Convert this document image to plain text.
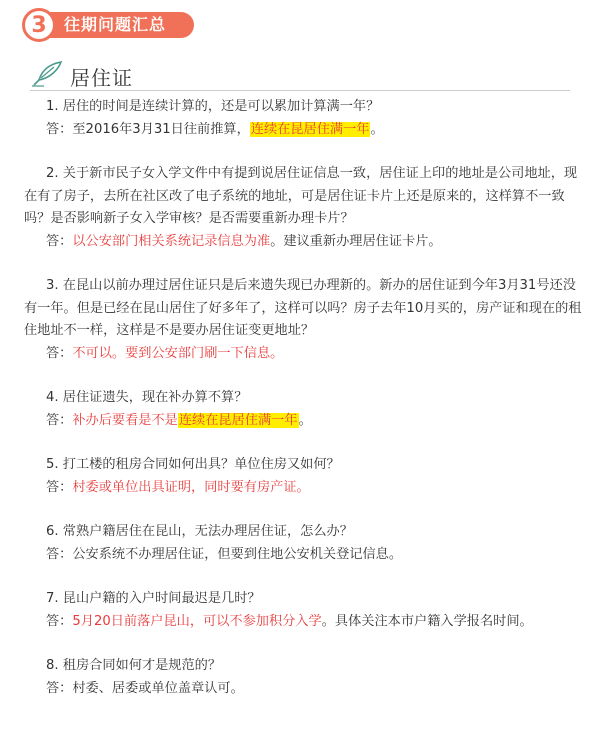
3	往期问题汇总
居住证

1. 居住的时间是连续计算的，还是可以累加计算满一年？

答：至2016年3月31日往前推算，连续在昆居住满一年。

2. 关于新市民子女入学文件中有提到说居住证信息一致，居住证上印的地址是公司地址，现在有了房子，去所在社区改了电子系统的地址，可是居住证卡片上还是原来的，这样算不一致吗？是否影响新子女入学审核？是否需要重新办理卡片？

答：以公安部门相关系统记录信息为准。建议重新办理居住证卡片。

3. 在昆山以前办理过居住证只是后来遗失现已办理新的。新办的居住证到今年3月31号还没有一年。但是已经在昆山居住了好多年了，这样可以吗？房子去年10月买的，房产证和现在的租住地址不一样，这样是不是要办居住证变更地址？

答：不可以。要到公安部门刷一下信息。

4. 居住证遗失，现在补办算不算？

答：补办后要看是不是连续在昆居住满一年。

5. 打工楼的租房合同如何出具？单位住房又如何？

答：村委或单位出具证明，同时要有房产证。

6. 常熟户籍居住在昆山，无法办理居住证，怎么办？

答：公安系统不办理居住证，但要到住地公安机关登记信息。

7. 昆山户籍的入户时间最迟是几时？

答：5月20日前落户昆山，可以不参加积分入学。具体关注本市户籍入学报名时间。

8. 租房合同如何才是规范的？

答：村委、居委或单位盖章认可。
